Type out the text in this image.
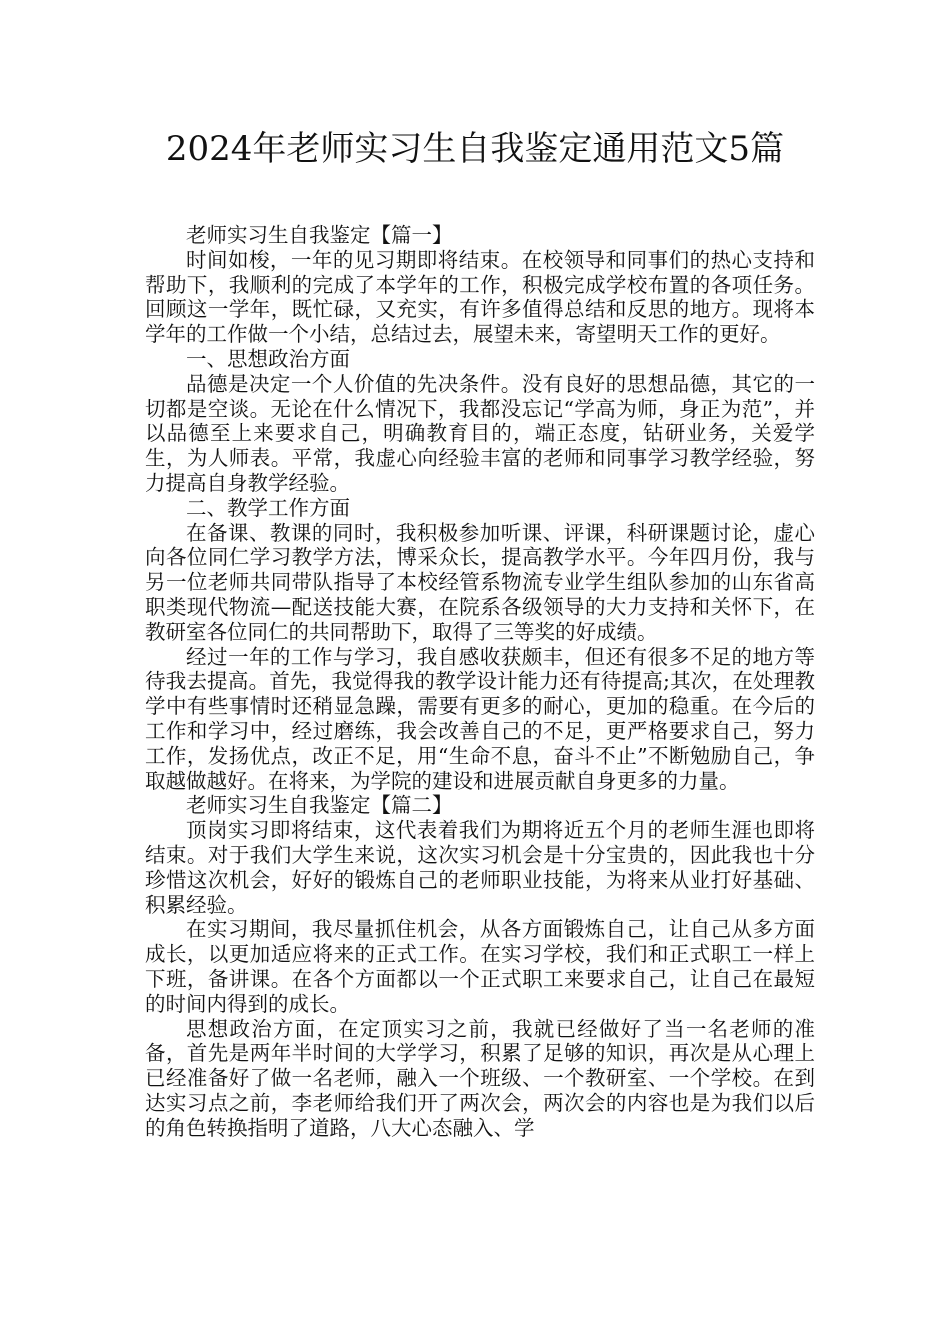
2024年老师实习生自我鉴定通用范文5篇

老师实习生自我鉴定【篇一】

时间如梭，一年的见习期即将结束。在校领导和同事们的热心支持和帮助下，我顺利的完成了本学年的工作，积极完成学校布置的各项任务。回顾这一学年，既忙碌，又充实，有许多值得总结和反思的地方。现将本学年的工作做一个小结，总结过去，展望未来，寄望明天工作的更好。

一、思想政治方面

品德是决定一个人价值的先决条件。没有良好的思想品德，其它的一切都是空谈。无论在什么情况下，我都没忘记“学高为师，身正为范”，并以品德至上来要求自己，明确教育目的，端正态度，钻研业务，关爱学生，为人师表。平常，我虚心向经验丰富的老师和同事学习教学经验，努力提高自身教学经验。

二、教学工作方面

在备课、教课的同时，我积极参加听课、评课，科研课题讨论，虚心向各位同仁学习教学方法，博采众长，提高教学水平。今年四月份，我与另一位老师共同带队指导了本校经管系物流专业学生组队参加的山东省高职类现代物流—配送技能大赛，在院系各级领导的大力支持和关怀下，在教研室各位同仁的共同帮助下，取得了三等奖的好成绩。

经过一年的工作与学习，我自感收获颇丰，但还有很多不足的地方等待我去提高。首先，我觉得我的教学设计能力还有待提高;其次，在处理教学中有些事情时还稍显急躁，需要有更多的耐心，更加的稳重。在今后的工作和学习中，经过磨练，我会改善自己的不足，更严格要求自己，努力工作，发扬优点，改正不足，用“生命不息，奋斗不止”不断勉励自己，争取越做越好。在将来，为学院的建设和进展贡献自身更多的力量。

老师实习生自我鉴定【篇二】

顶岗实习即将结束，这代表着我们为期将近五个月的老师生涯也即将结束。对于我们大学生来说，这次实习机会是十分宝贵的，因此我也十分珍惜这次机会，好好的锻炼自己的老师职业技能，为将来从业打好基础、积累经验。

在实习期间，我尽量抓住机会，从各方面锻炼自己，让自己从多方面成长，以更加适应将来的正式工作。在实习学校，我们和正式职工一样上下班，备讲课。在各个方面都以一个正式职工来要求自己，让自己在最短的时间内得到的成长。

思想政治方面，在定顶实习之前，我就已经做好了当一名老师的准备，首先是两年半时间的大学学习，积累了足够的知识，再次是从心理上已经准备好了做一名老师，融入一个班级、一个教研室、一个学校。在到达实习点之前，李老师给我们开了两次会，两次会的内容也是为我们以后的角色转换指明了道路，八大心态融入、学
